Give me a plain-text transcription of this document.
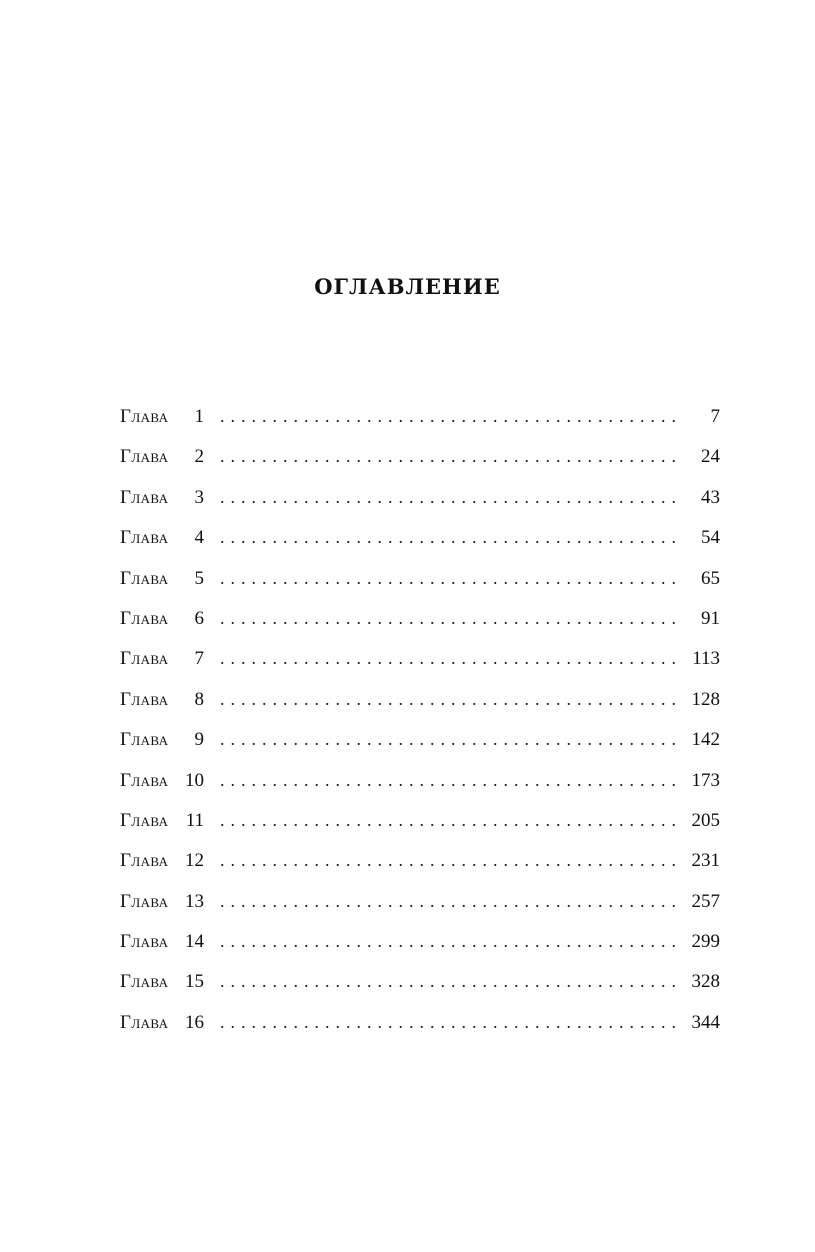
ОГЛАВЛЕНИЕ
Глава	1 . . .	7
Глава	2 . . .	24
Глава	3 . . .	43
Глава	4 . . .	54
Глава	5 . . .	65
Глава	6 . . .	91
Глава	7 . . .	113
Глава	8 . . .	128
Глава	9 . . .	142
Глава 10 . . .	173
Глава 11 . . .	205
Глава 12 . . .	231
Глава 13 . . .	257
Глава 14 . . .	299
Глава 15 . . .	328
Глава 16 . . .	344
